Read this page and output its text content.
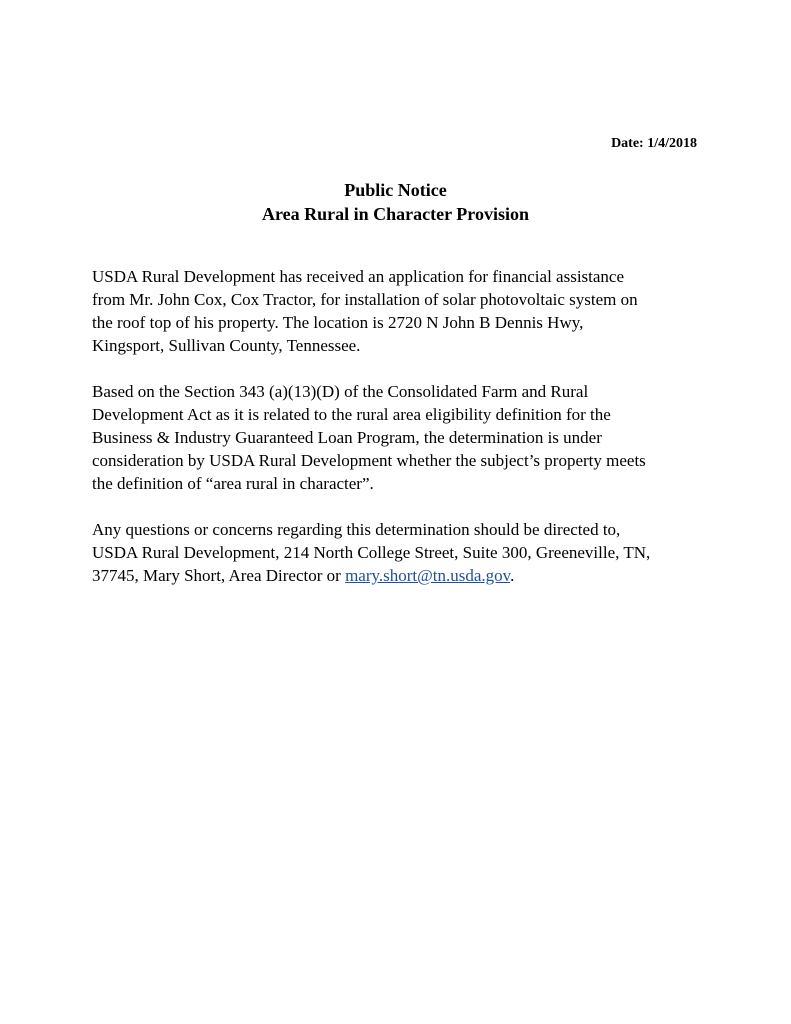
Date: 1/4/2018
Public Notice
Area Rural in Character Provision

USDA Rural Development has received an application for financial assistance
from Mr. John Cox, Cox Tractor, for installation of solar photovoltaic system on
the roof top of his property. The location is 2720 N John B Dennis Hwy,
Kingsport, Sullivan County, Tennessee.

Based on the Section 343 (a)(13)(D) of the Consolidated Farm and Rural
Development Act as it is related to the rural area eligibility definition for the
Business & Industry Guaranteed Loan Program, the determination is under
consideration by USDA Rural Development whether the subject’s property meets
the definition of “area rural in character”.

Any questions or concerns regarding this determination should be directed to,
USDA Rural Development, 214 North College Street, Suite 300, Greeneville, TN,
37745, Mary Short, Area Director or mary.short@tn.usda.gov.
